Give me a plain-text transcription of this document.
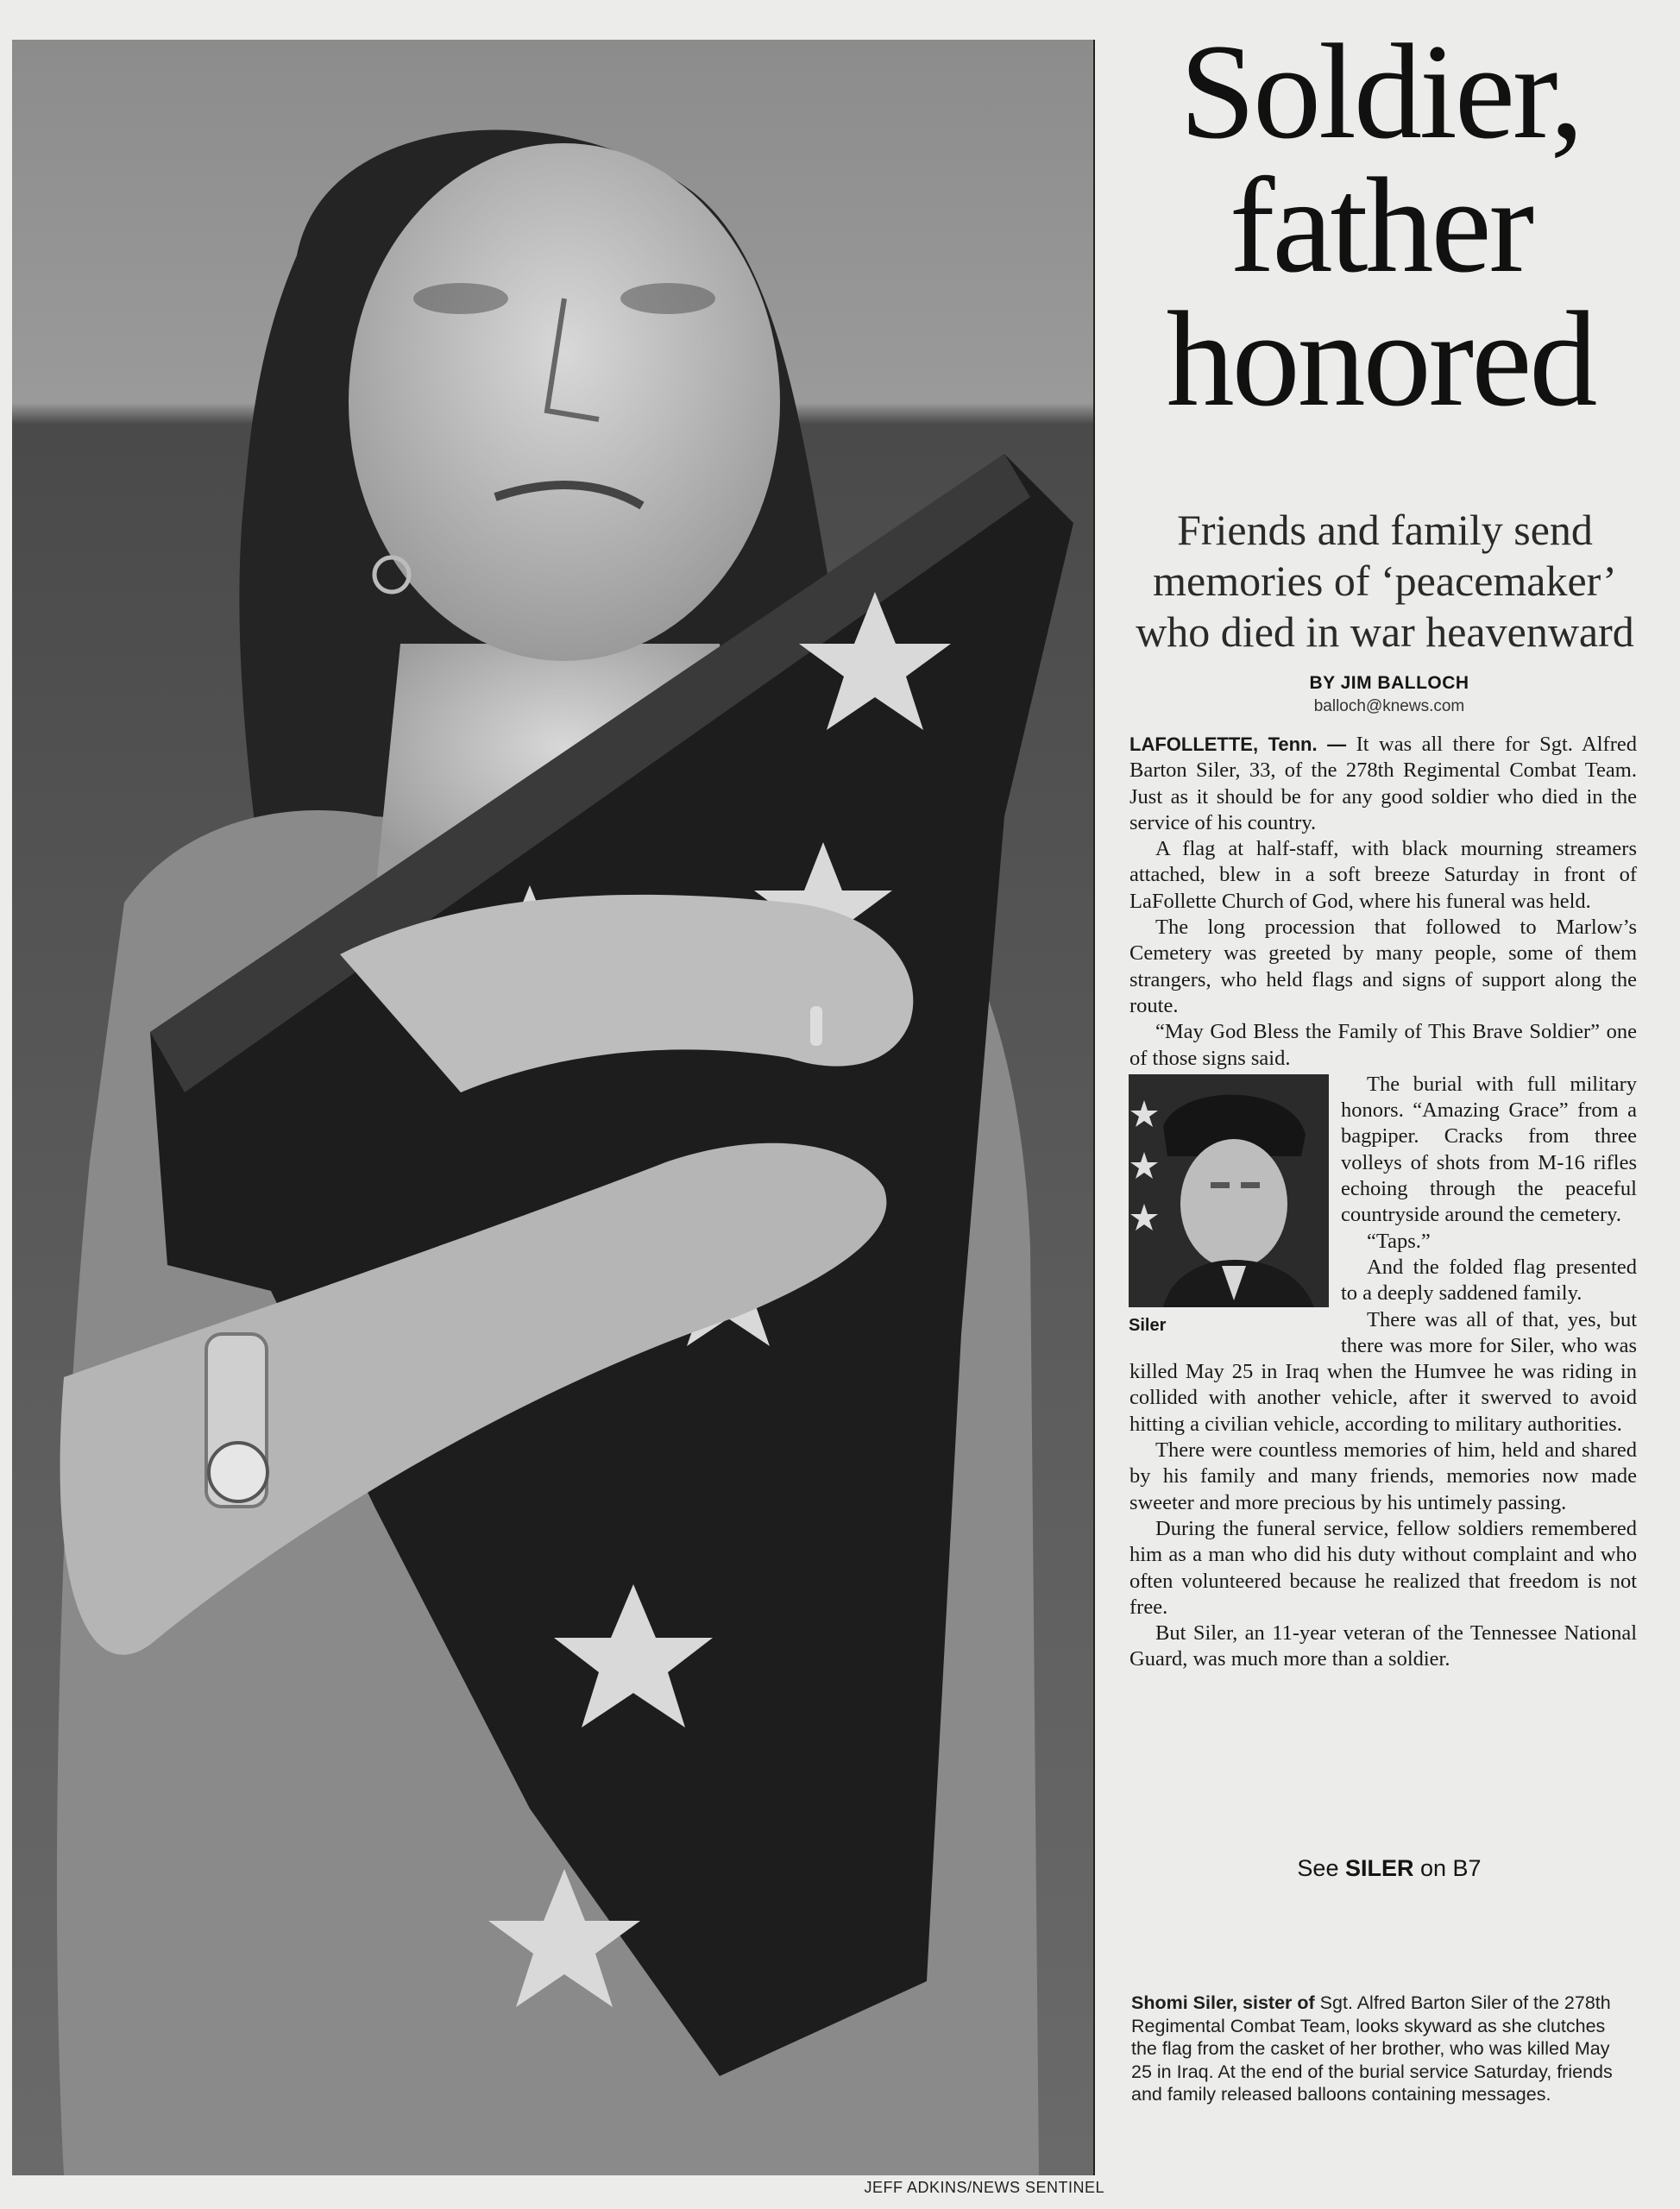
JEFF ADKINS/NEWS SENTINEL
Soldier,
father
honored
Friends and family send
memories of ‘peacemaker’
who died in war heavenward
BY JIM BALLOCH
balloch@knews.com

LAFOLLETTE, Tenn. — It was all there for Sgt. Alfred Barton Siler, 33, of the 278th Regimental Combat Team. Just as it should be for any good soldier who died in the service of his country.

A flag at half-staff, with black mourning streamers attached, blew in a soft breeze Saturday in front of LaFollette Church of God, where his funeral was held.

The long procession that followed to Marlow’s Cemetery was greeted by many people, some of them strangers, who held flags and signs of support along the route.

“May God Bless the Family of This Brave Soldier” one of those signs said.

Siler

The burial with full military honors. “Amazing Grace” from a bagpiper. Cracks from three volleys of shots from M-16 rifles echoing through the peaceful countryside around the cemetery.

“Taps.”

And the folded flag presented to a deeply saddened family.

There was all of that, yes, but there was more for Siler, who was killed May 25 in Iraq when the Humvee he was riding in collided with another vehicle, after it swerved to avoid hitting a civilian vehicle, according to military authorities.

There were countless memories of him, held and shared by his family and many friends, memories now made sweeter and more precious by his untimely passing.

During the funeral service, fellow soldiers remembered him as a man who did his duty without complaint and who often volunteered because he realized that freedom is not free.

But Siler, an 11-year veteran of the Tennessee National Guard, was much more than a soldier.

See SILER on B7
Shomi Siler, sister of Sgt. Alfred Barton Siler of the 278th Regimental Combat Team, looks skyward as she clutches the flag from the casket of her brother, who was killed May 25 in Iraq. At the end of the burial service Saturday, friends and family released balloons containing messages.
